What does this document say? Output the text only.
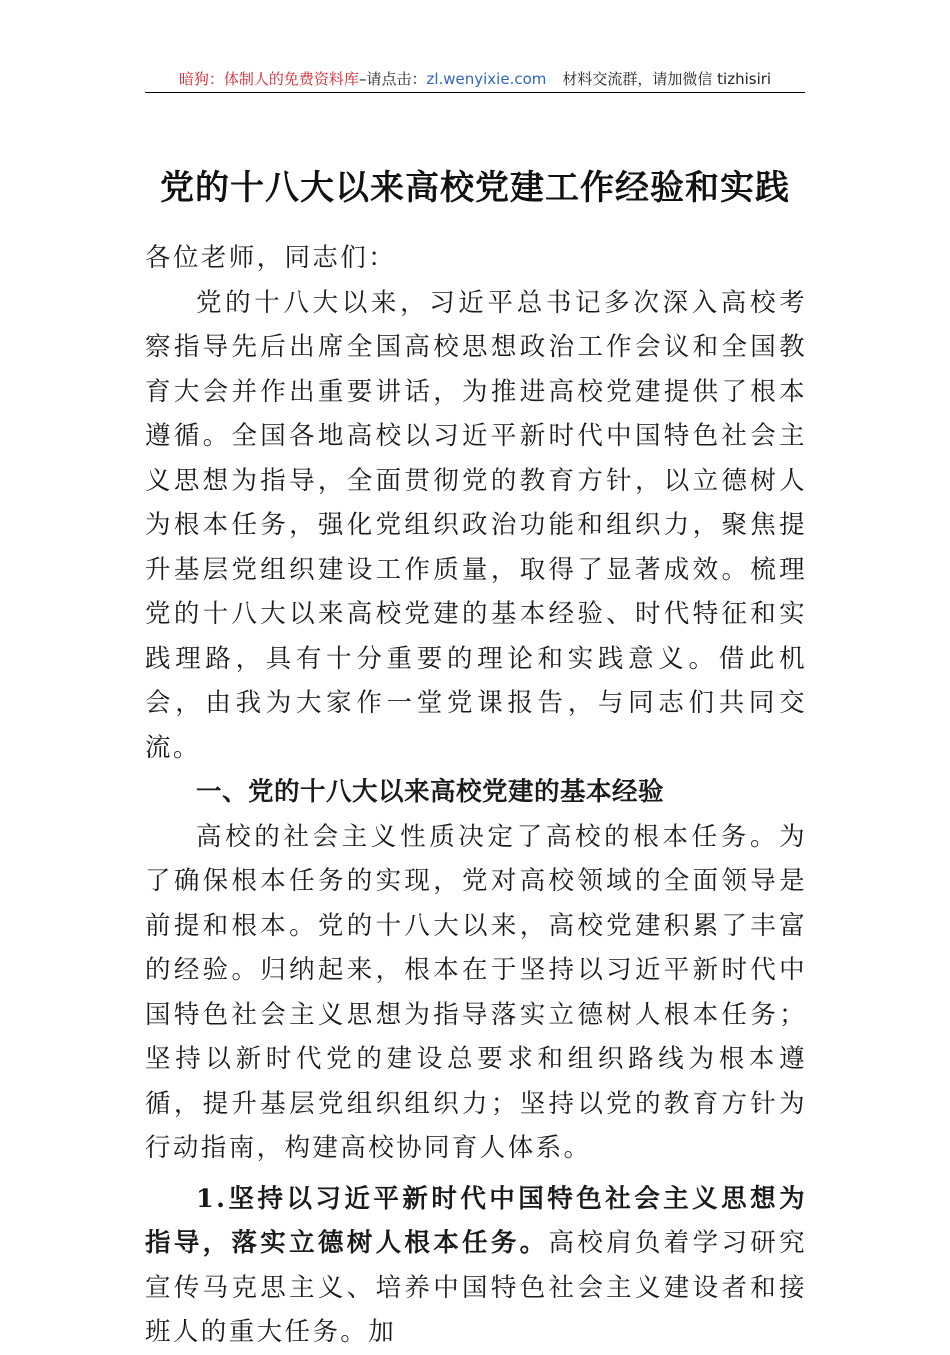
暗狗：体制人的免费资料库–请点击：zl.wenyixie.com 材料交流群，请加微信 tizhisiri
党的十八大以来高校党建工作经验和实践

各位老师，同志们：

党的十八大以来，习近平总书记多次深入高校考察指导先后出席全国高校思想政治工作会议和全国教育大会并作出重要讲话，为推进高校党建提供了根本遵循。全国各地高校以习近平新时代中国特色社会主义思想为指导，全面贯彻党的教育方针，以立德树人为根本任务，强化党组织政治功能和组织力，聚焦提升基层党组织建设工作质量，取得了显著成效。梳理党的十八大以来高校党建的基本经验、时代特征和实践理路，具有十分重要的理论和实践意义。借此机会，由我为大家作一堂党课报告，与同志们共同交流。

一、党的十八大以来高校党建的基本经验

高校的社会主义性质决定了高校的根本任务。为了确保根本任务的实现，党对高校领域的全面领导是前提和根本。党的十八大以来，高校党建积累了丰富的经验。归纳起来，根本在于坚持以习近平新时代中国特色社会主义思想为指导落实立德树人根本任务；坚持以新时代党的建设总要求和组织路线为根本遵循，提升基层党组织组织力；坚持以党的教育方针为行动指南，构建高校协同育人体系。

1.坚持以习近平新时代中国特色社会主义思想为指导，落实立德树人根本任务。高校肩负着学习研究宣传马克思主义、培养中国特色社会主义建设者和接班人的重大任务。加
